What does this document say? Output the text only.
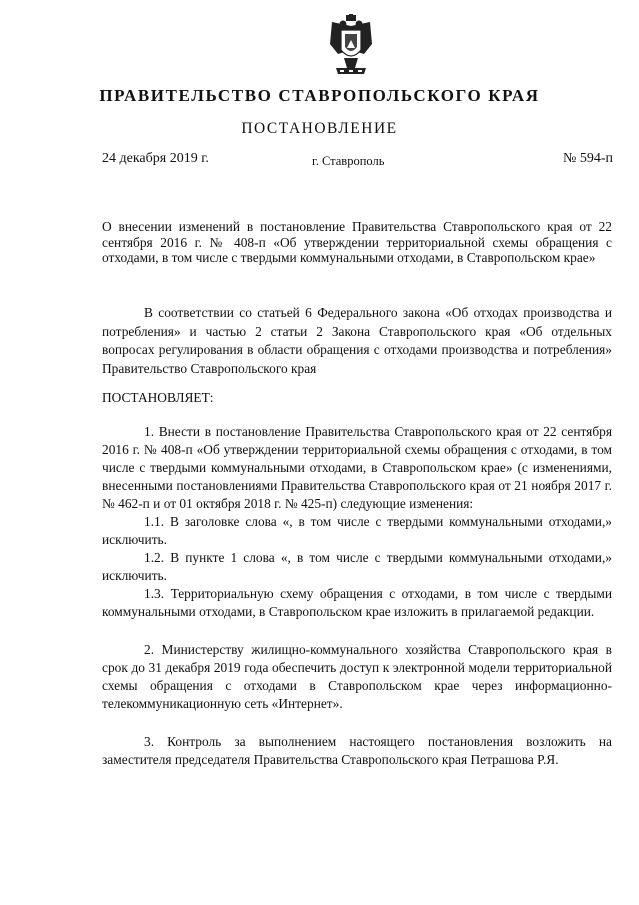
ПРАВИТЕЛЬСТВО СТАВРОПОЛЬСКОГО КРАЯ
ПОСТАНОВЛЕНИЕ
24 декабря 2019 г.	г. Ставрополь	№ 594-п
О внесении изменений в постановление Правительства Ставропольского края от 22 сентября 2016 г. № 408-п «Об утверждении территориальной схемы обращения с отходами, в том числе с твердыми коммунальными отходами, в Ставропольском крае»
В соответствии со статьей 6 Федерального закона «Об отходах производства и потребления» и частью 2 статьи 2 Закона Ставропольского края «Об отдельных вопросах регулирования в области обращения с отходами производства и потребления» Правительство Ставропольского края
ПОСТАНОВЛЯЕТ:

1. Внести в постановление Правительства Ставропольского края от 22 сентября 2016 г. № 408-п «Об утверждении территориальной схемы обращения с отходами, в том числе с твердыми коммунальными отходами, в Ставропольском крае» (с изменениями, внесенными постановлениями Правительства Ставропольского края от 21 ноября 2017 г. № 462-п и от 01 октября 2018 г. № 425-п) следующие изменения:

1.1. В заголовке слова «, в том числе с твердыми коммунальными отходами,» исключить.

1.2. В пункте 1 слова «, в том числе с твердыми коммунальными отходами,» исключить.

1.3. Территориальную схему обращения с отходами, в том числе с твердыми коммунальными отходами, в Ставропольском крае изложить в прилагаемой редакции.

2. Министерству жилищно-коммунального хозяйства Ставропольского края в срок до 31 декабря 2019 года обеспечить доступ к электронной модели территориальной схемы обращения с отходами в Ставропольском крае через информационно-телекоммуникационную сеть «Интернет».

3. Контроль за выполнением настоящего постановления возложить на заместителя председателя Правительства Ставропольского края Петрашова Р.Я.
